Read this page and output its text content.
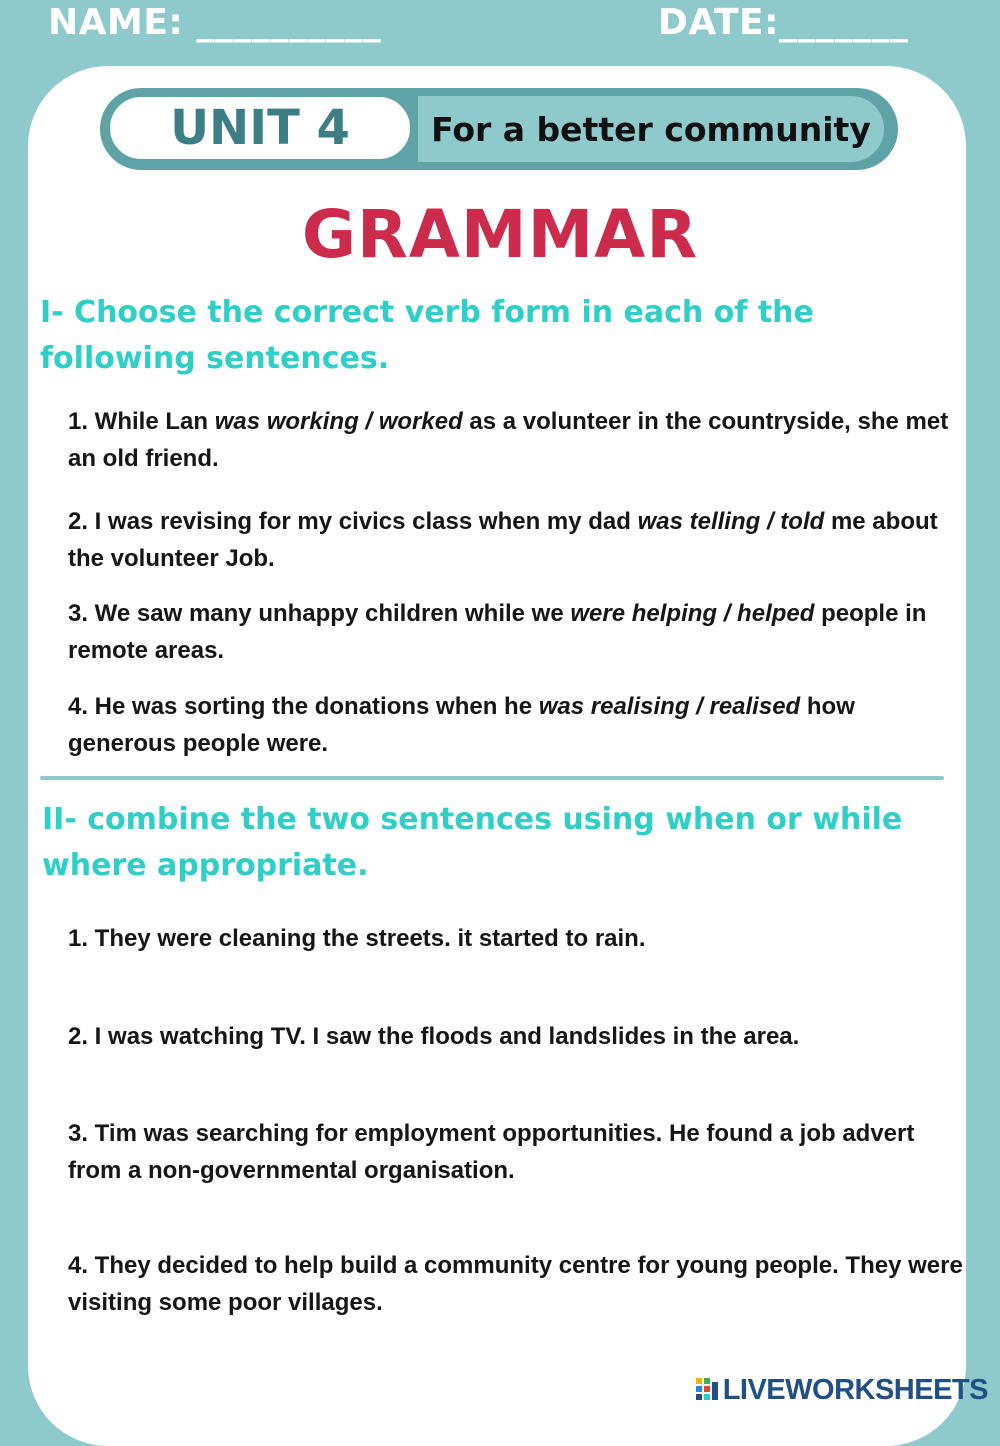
NAME: __________	DATE:_______
UNIT 4	For a better community
GRAMMAR
I- Choose the correct verb form in each of the following sentences.
1. While Lan was working / worked as a volunteer in the countryside, she met an old friend.
2. I was revising for my civics class when my dad was telling / told me about the volunteer Job.
3. We saw many unhappy children while we were helping / helped people in remote areas.
4. He was sorting the donations when he was realising / realised how generous people were.
II- combine the two sentences using when or while where appropriate.
1. They were cleaning the streets. it started to rain.
2. I was watching TV. I saw the floods and landslides in the area.
3. Tim was searching for employment opportunities. He found a job advert from a non-governmental organisation.
4. They decided to help build a community centre for young people. They were visiting some poor villages.
LIVEWORKSHEETS
